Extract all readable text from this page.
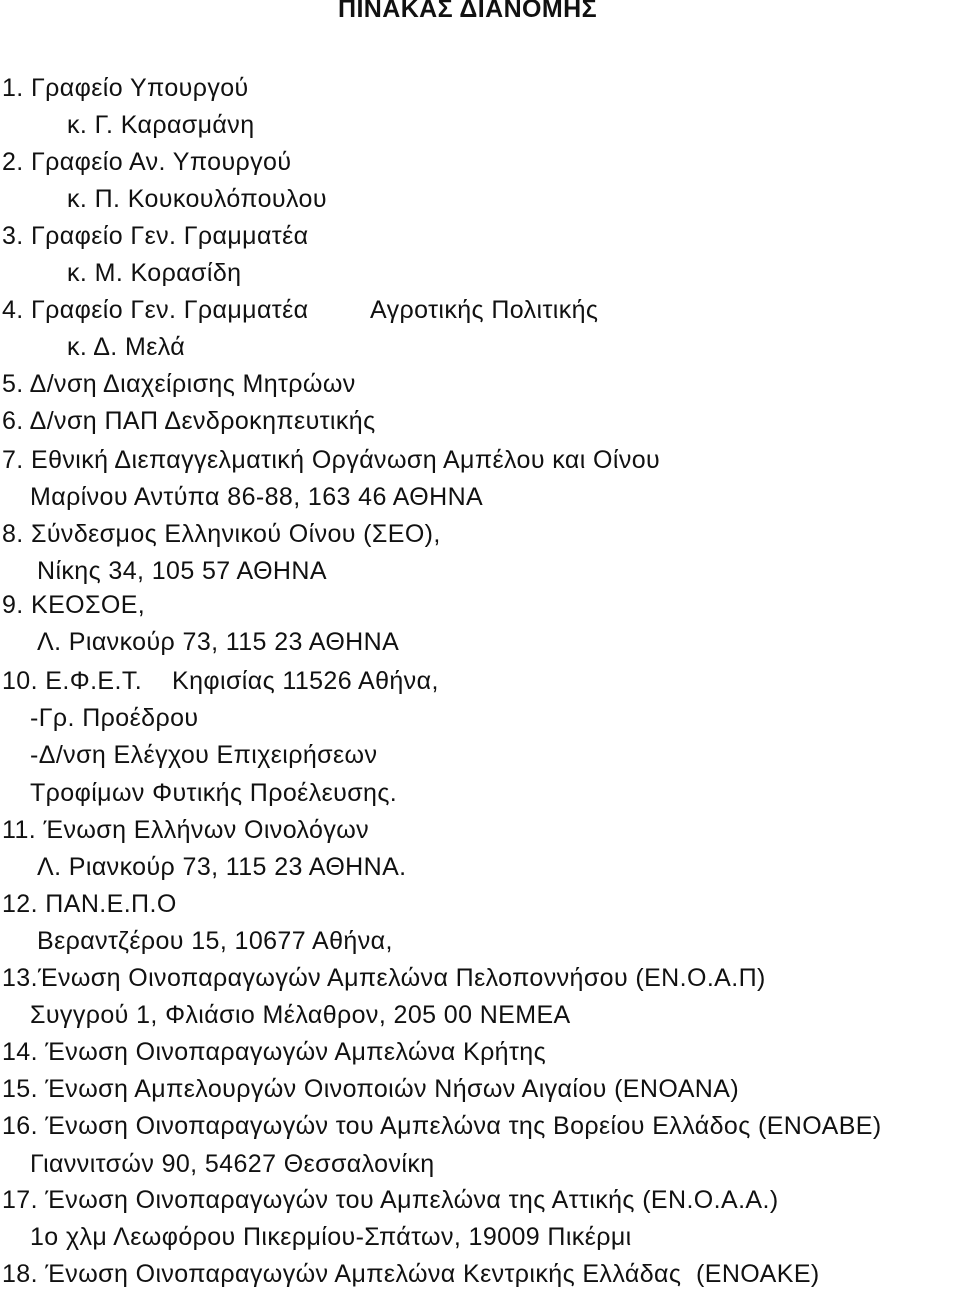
ΠΙΝΑΚΑΣ ΔΙΑΝΟΜΗΣ
1. Γραφείο Υπουργού
κ. Γ. Καρασμάνη
2. Γραφείο Αν. Υπουργού
κ. Π. Κουκουλόπουλου
3. Γραφείο Γεν. Γραμματέα
κ. Μ. Κορασίδη
4. Γραφείο Γεν. Γραμματέα Αγροτικής Πολιτικής
κ. Δ. Μελά
5. Δ/νση Διαχείρισης Μητρώων
6. Δ/νση ΠΑΠ Δενδροκηπευτικής
7. Εθνική Διεπαγγελματική Οργάνωση Αμπέλου και Οίνου
Μαρίνου Αντύπα 86-88, 163 46 ΑΘΗΝΑ
8. Σύνδεσμος Ελληνικού Οίνου (ΣΕΟ),
Νίκης 34, 105 57 ΑΘΗΝΑ
9. ΚΕΟΣΟΕ,
Λ. Ριανκούρ 73, 115 23 ΑΘΗΝΑ
10. Ε.Φ.Ε.Τ. Κηφισίας 11526 Αθήνα,
-Γρ. Προέδρου
-Δ/νση Ελέγχου Επιχειρήσεων
Τροφίμων Φυτικής Προέλευσης.
11. Ένωση Ελλήνων Οινολόγων
Λ. Ριανκούρ 73, 115 23 ΑΘΗΝΑ.
12. ΠΑΝ.Ε.Π.Ο
Βεραντζέρου 15, 10677 Αθήνα,
13.Ένωση Οινοπαραγωγών Αμπελώνα Πελοποννήσου (ΕΝ.Ο.Α.Π)
Συγγρού 1, Φλιάσιο Μέλαθρον, 205 00 ΝΕΜΕΑ
14. Ένωση Οινοπαραγωγών Αμπελώνα Κρήτης
15. Ένωση Αμπελουργών Οινοποιών Νήσων Αιγαίου (ΕΝΟΑΝΑ)
16. Ένωση Οινοπαραγωγών του Αμπελώνα της Βορείου Ελλάδος (ΕΝΟΑΒΕ)
Γιαννιτσών 90, 54627 Θεσσαλονίκη
17. Ένωση Οινοπαραγωγών του Αμπελώνα της Αττικής (ΕΝ.Ο.Α.Α.)
1ο χλμ Λεωφόρου Πικερμίου-Σπάτων, 19009 Πικέρμι
18. Ένωση Οινοπαραγωγών Αμπελώνα Κεντρικής Ελλάδας  (ΕΝΟΑΚΕ)
